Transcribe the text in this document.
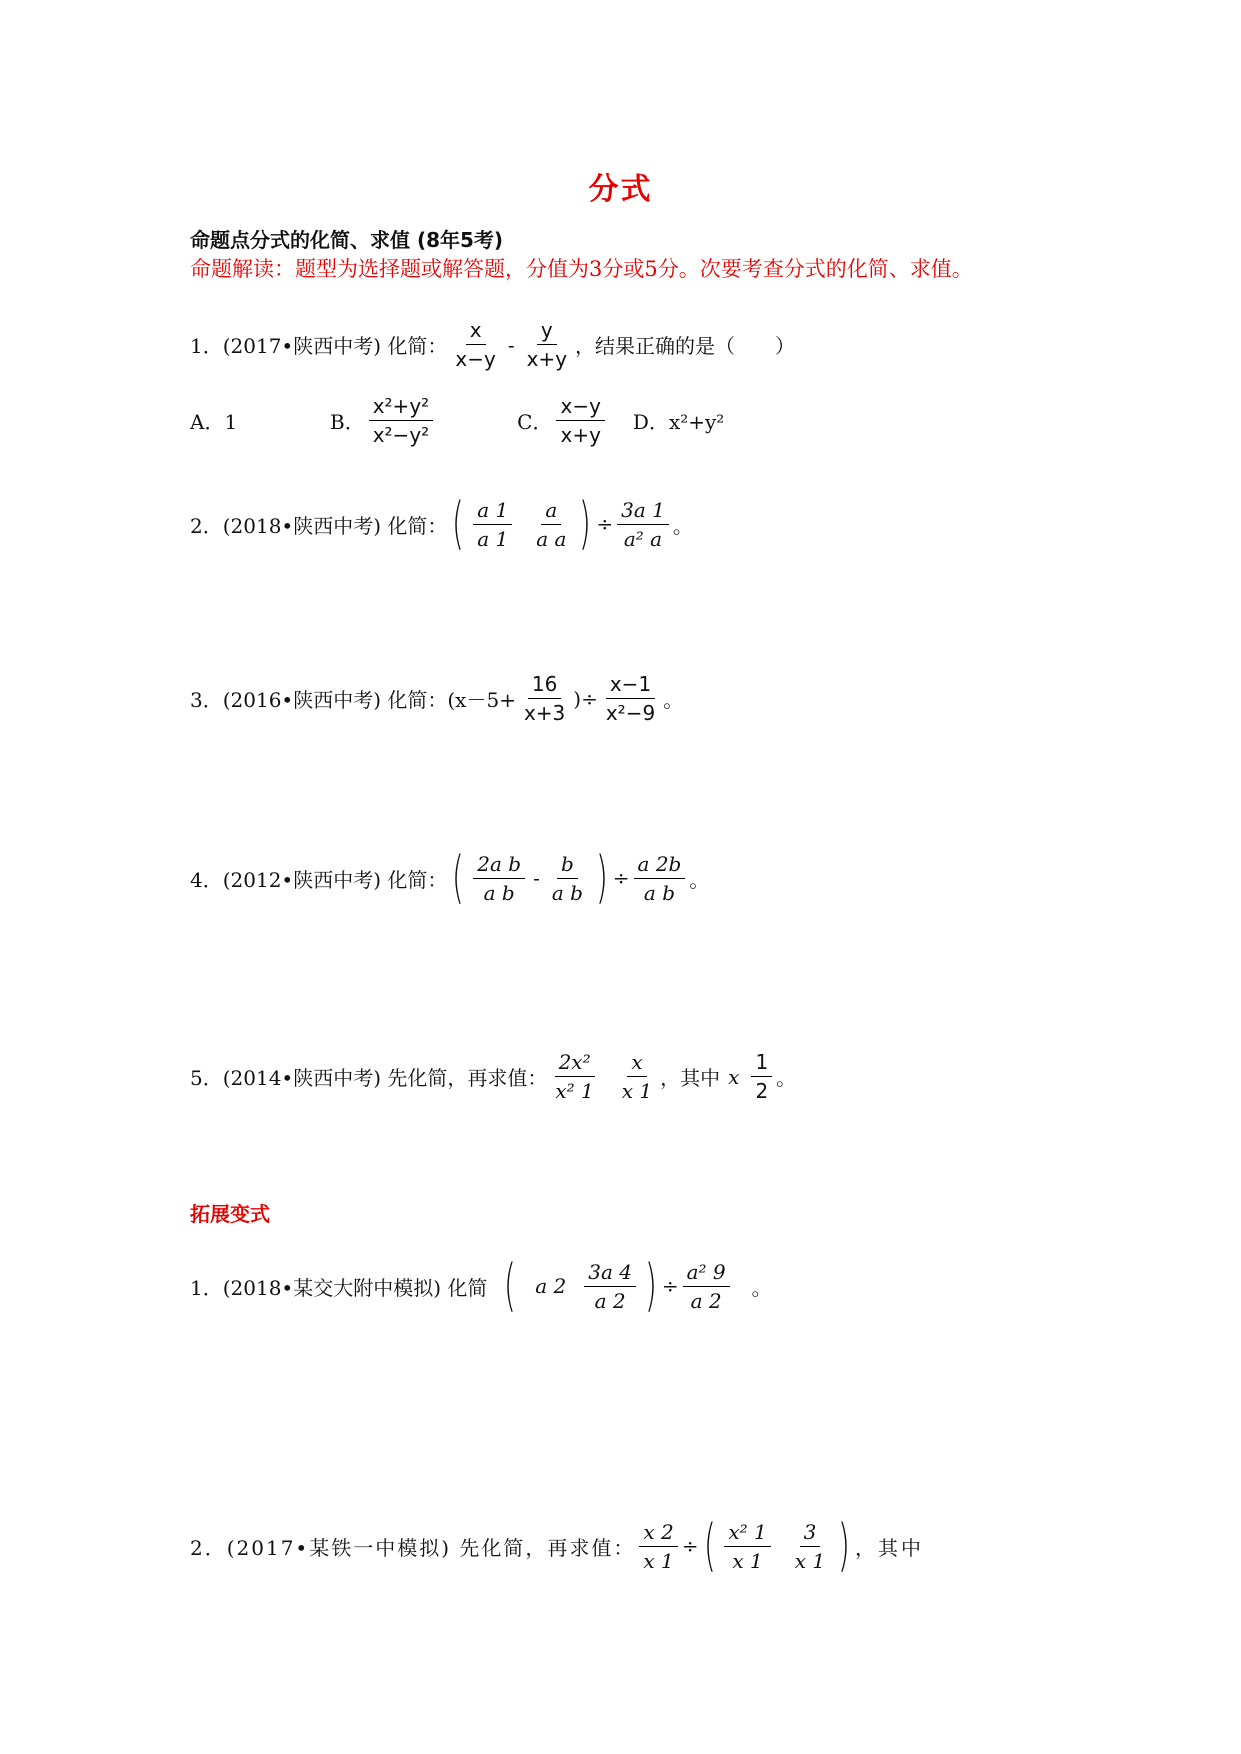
分式
命题点分式的化简、求值 (8年5考)
命题解读：题型为选择题或解答题，分值为3分或5分。次要考查分式的化简、求值。
1．(2017•陕西中考) 化简： $\frac{x}{x-y} - \frac{y}{x+y}$ ，结果正确的是（　　）
A．1	B． $\frac{\text{x²+y²}}{\text{x²−y²}}$	C． $\frac{x-y}{x+y}$ D．x²+y²
2．(2018•陕西中考) 化简： ( $\frac{a 1}{a 1} \frac{a}{\text{a a}}$ ) ÷ $\frac{3a 1}{\text{a² a}}$ 。
3．(2016•陕西中考) 化简：($x-5+ \frac{16}{x+3}$ )÷ $\frac{x-1}{\text{x²−9}}$ 。
4．(2012•陕西中考) 化简： ( $\frac{\text{2a b}}{\text{a b}} - \frac{b}{\text{a b}}$ ) ÷ $\frac{a 2b}{\text{a b}}$ 。
5．(2014•陕西中考) 先化简，再求值： $\frac{\text{2x²}}{\text{x² 1}} \frac{x}{x 1}$ ，其中 x $\frac{1}{2}$ 。
拓展变式
1．(2018•某交大附中模拟) 化简 ( a $2 \frac{3a 4}{a 2}$ ) ÷ $\frac{\text{a² 9}}{a 2}$ 。
2．(2017•某铁一中模拟) 先化简，再求值： $\frac{x 2}{x 1}$ ÷ ( $\frac{\text{x² 1}}{x 1} \frac{3}{x 1}$ ) ，其中
